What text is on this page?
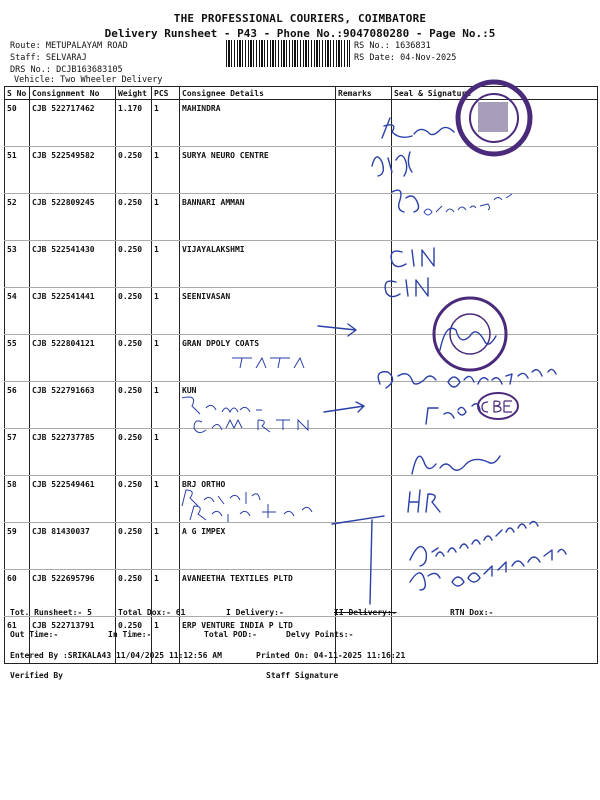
THE PROFESSIONAL COURIERS, COIMBATORE
Delivery Runsheet - P43 - Phone No.:9047080280 - Page No.:5
Route: METUPALAYAM ROAD
Staff: SELVARAJ
DRS No.: DCJB163683105
Vehicle: Two Wheeler Delivery
RS No.: 1636831
RS Date: 04-Nov-2025
S No	Consignment No	Weight	PCS	Consignee Details	Remarks	Seal & Signature
50	CJB 522717462	1.170	1	MAHINDRA		
51	CJB 522549582	0.250	1	SURYA NEURO CENTRE		
52	CJB 522809245	0.250	1	BANNARI AMMAN		
53	CJB 522541430	0.250	1	VIJAYALAKSHMI		
54	CJB 522541441	0.250	1	SEENIVASAN		
55	CJB 522804121	0.250	1	GRAN DPOLY COATS		
56	CJB 522791663	0.250	1	KUN		
57	CJB 522737785	0.250	1			
58	CJB 522549461	0.250	1	BRJ ORTHO		
59	CJB 81430037	0.250	1	A G IMPEX		
60	CJB 522695796	0.250	1	AVANEETHA TEXTILES PLTD		
61	CJB 522713791	0.250	1	ERP VENTURE INDIA P LTD		
Tot. Runsheet:- 5	Total Dox:- 61	I Delivery:-	II Delivery:-	RTN Dox:-
Out Time:-	In Time:-	Total POD:-	Delvy Points:-
Entered By :SRIKALA43 11/04/2025 11:12:56 AM	Printed On: 04-11-2025 11:16:21
Verified By	Staff Signature
